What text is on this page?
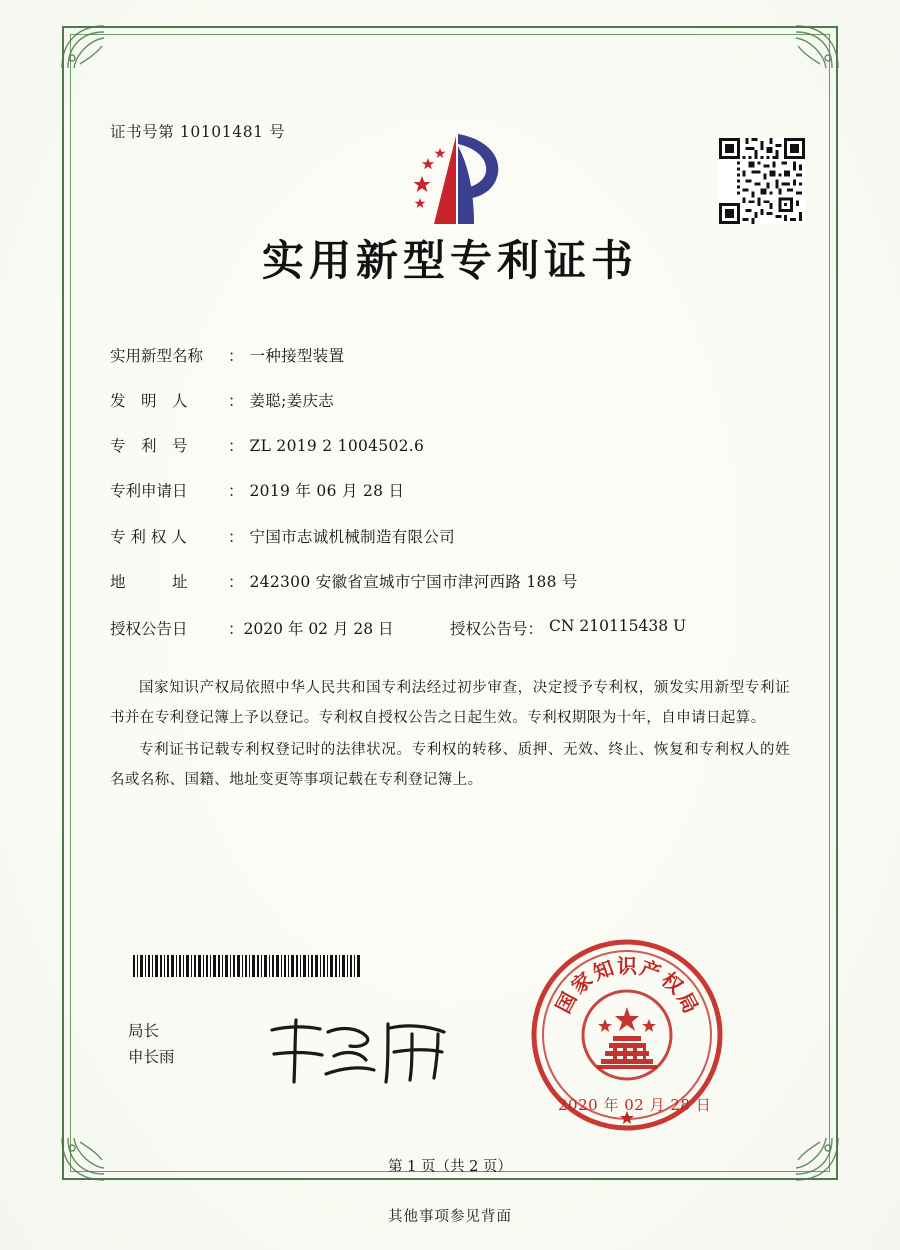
证书号第 10101481 号
实用新型专利证书
实用新型名称	： 一种接型装置
发　明　人	： 姜聪;姜庆志
专　利　号	： ZL 2019 2 1004502.6
专利申请日	： 2019 年 06 月 28 日
专 利 权 人	： 宁国市志诚机械制造有限公司
地　　　址	： 242300 安徽省宣城市宁国市津河西路 188 号
授权公告日	： 2020 年 02 月 28 日	授权公告号： CN 210115438 U

国家知识产权局依照中华人民共和国专利法经过初步审查，决定授予专利权，颁发实用新型专利证书并在专利登记簿上予以登记。专利权自授权公告之日起生效。专利权期限为十年，自申请日起算。

专利证书记载专利权登记时的法律状况。专利权的转移、质押、无效、终止、恢复和专利权人的姓名或名称、国籍、地址变更等事项记载在专利登记簿上。

局长
申长雨
国
家
知 识 产
权
局
2020 年 02 月 28 日
第 1 页（共 2 页）
其他事项参见背面
